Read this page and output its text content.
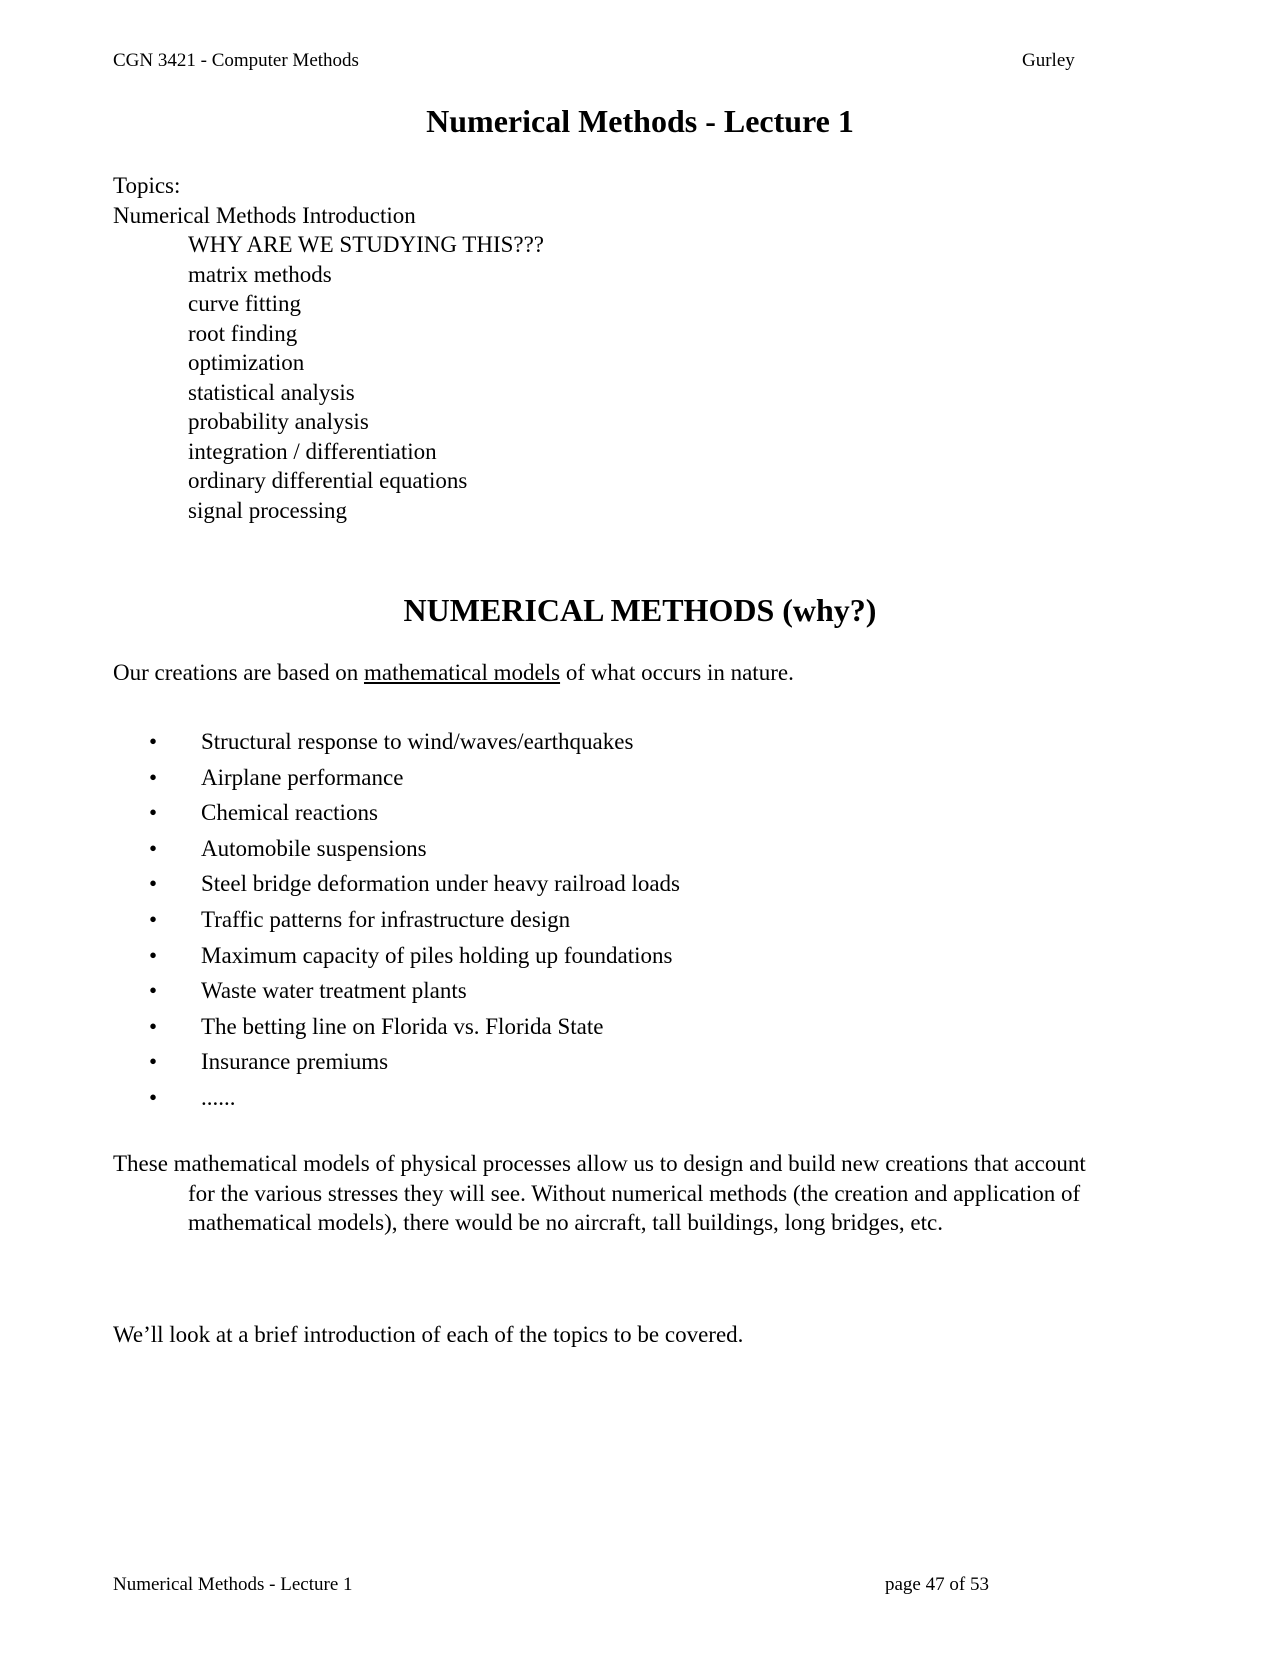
CGN 3421 - Computer Methods	Gurley
Numerical Methods - Lecture 1
Topics:
Numerical Methods Introduction
WHY ARE WE STUDYING THIS???
matrix methods
curve fitting
root finding
optimization
statistical analysis
probability analysis
integration / differentiation
ordinary differential equations
signal processing
NUMERICAL METHODS (why?)
Our creations are based on mathematical models of what occurs in nature.
• Structural response to wind/waves/earthquakes
• Airplane performance
• Chemical reactions
• Automobile suspensions
• Steel bridge deformation under heavy railroad loads
• Traffic patterns for infrastructure design
• Maximum capacity of piles holding up foundations
• Waste water treatment plants
• The betting line on Florida vs. Florida State
• Insurance premiums
• ......
These mathematical models of physical processes allow us to design and build new creations that account
for the various stresses they will see. Without numerical methods (the creation and application of
mathematical models), there would be no aircraft, tall buildings, long bridges, etc.
We’ll look at a brief introduction of each of the topics to be covered.
Numerical Methods - Lecture 1	page 47 of 53
